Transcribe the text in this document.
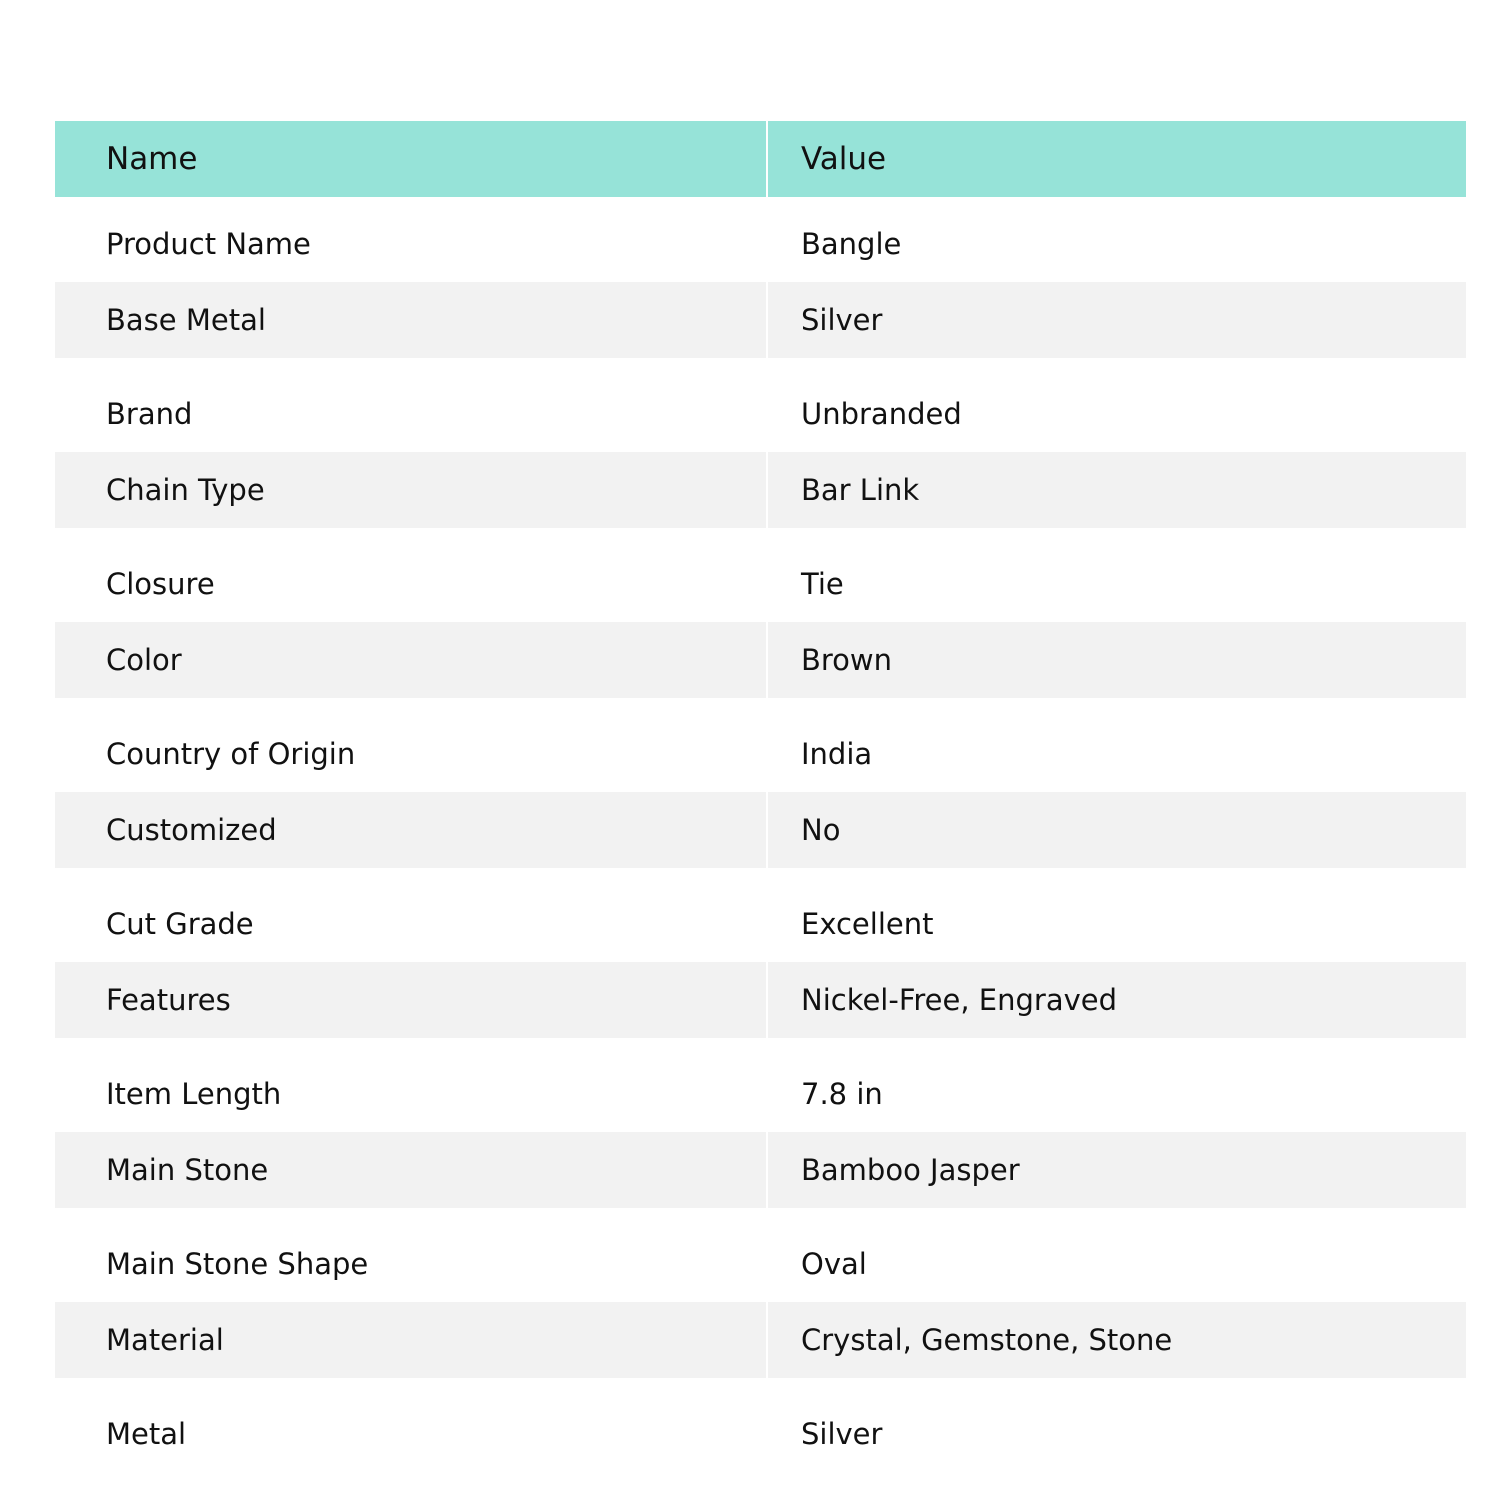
Name	Value
Product Name	Bangle
Base Metal	Silver
Brand	Unbranded
Chain Type	Bar Link
Closure	Tie
Color	Brown
Country of Origin	India
Customized	No
Cut Grade	Excellent
Features	Nickel-Free, Engraved
Item Length	7.8 in
Main Stone	Bamboo Jasper
Main Stone Shape	Oval
Material	Crystal, Gemstone, Stone
Metal	Silver
